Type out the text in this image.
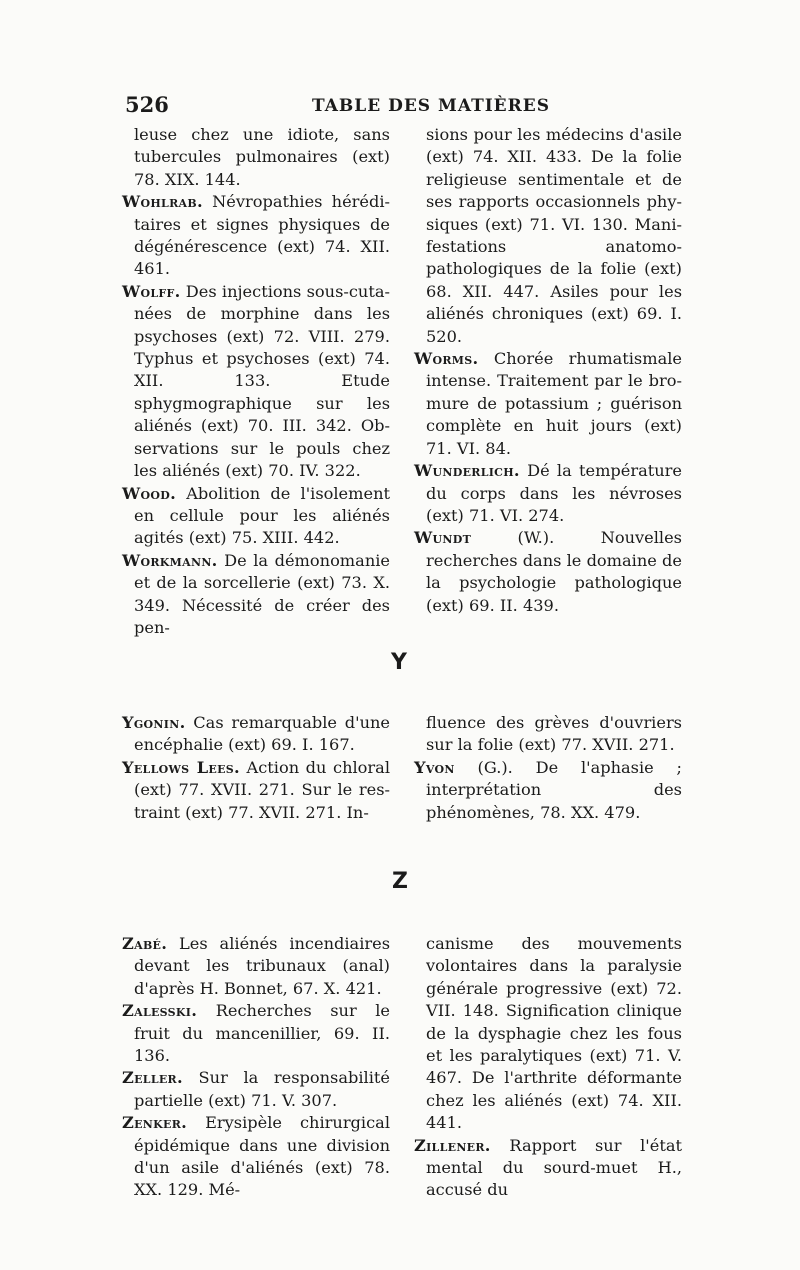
526	TABLE DES MATIÈRES

leuse chez une idiote, sans tubercules pulmonaires (ext) 78. XIX. 144.

Wohlrab. Névropathies héréditaires et signes physiques de dégénérescence (ext) 74. XII. 461.

Wolff. Des injections sous-cutanées de morphine dans les psychoses (ext) 72. VIII. 279. Typhus et psychoses (ext) 74. XII. 133. Etude sphygmographique sur les aliénés (ext) 70. III. 342. Observations sur le pouls chez les aliénés (ext) 70. IV. 322.

Wood. Abolition de l'isolement en cellule pour les aliénés agités (ext) 75. XIII. 442.

Workmann. De la démonomanie et de la sorcellerie (ext) 73. X. 349. Nécessité de créer des pen-

sions pour les médecins d'asile (ext) 74. XII. 433. De la folie religieuse sentimentale et de ses rapports occasionnels physiques (ext) 71. VI. 130. Manifestations anatomo-pathologiques de la folie (ext) 68. XII. 447. Asiles pour les aliénés chroniques (ext) 69. I. 520.

Worms. Chorée rhumatismale intense. Traitement par le bromure de potassium ; guérison complète en huit jours (ext) 71. VI. 84.

Wunderlich. Dé la température du corps dans les névroses (ext) 71. VI. 274.

Wundt (W.). Nouvelles recherches dans le domaine de la psychologie pathologique (ext) 69. II. 439.

Y

Ygonin. Cas remarquable d'une encéphalie (ext) 69. I. 167.

Yellows Lees. Action du chloral (ext) 77. XVII. 271. Sur le restraint (ext) 77. XVII. 271. In-

fluence des grèves d'ouvriers sur la folie (ext) 77. XVII. 271.

Yvon (G.). De l'aphasie ; interprétation des phénomènes, 78. XX. 479.

Z

Zabé. Les aliénés incendiaires devant les tribunaux (anal) d'après H. Bonnet, 67. X. 421.

Zalesski. Recherches sur le fruit du mancenillier, 69. II. 136.

Zeller. Sur la responsabilité partielle (ext) 71. V. 307.

Zenker. Erysipèle chirurgical épidémique dans une division d'un asile d'aliénés (ext) 78. XX. 129. Mé-

canisme des mouvements volontaires dans la paralysie générale progressive (ext) 72. VII. 148. Signification clinique de la dysphagie chez les fous et les paralytiques (ext) 71. V. 467. De l'arthrite déformante chez les aliénés (ext) 74. XII. 441.

Zillener. Rapport sur l'état mental du sourd-muet H., accusé du
